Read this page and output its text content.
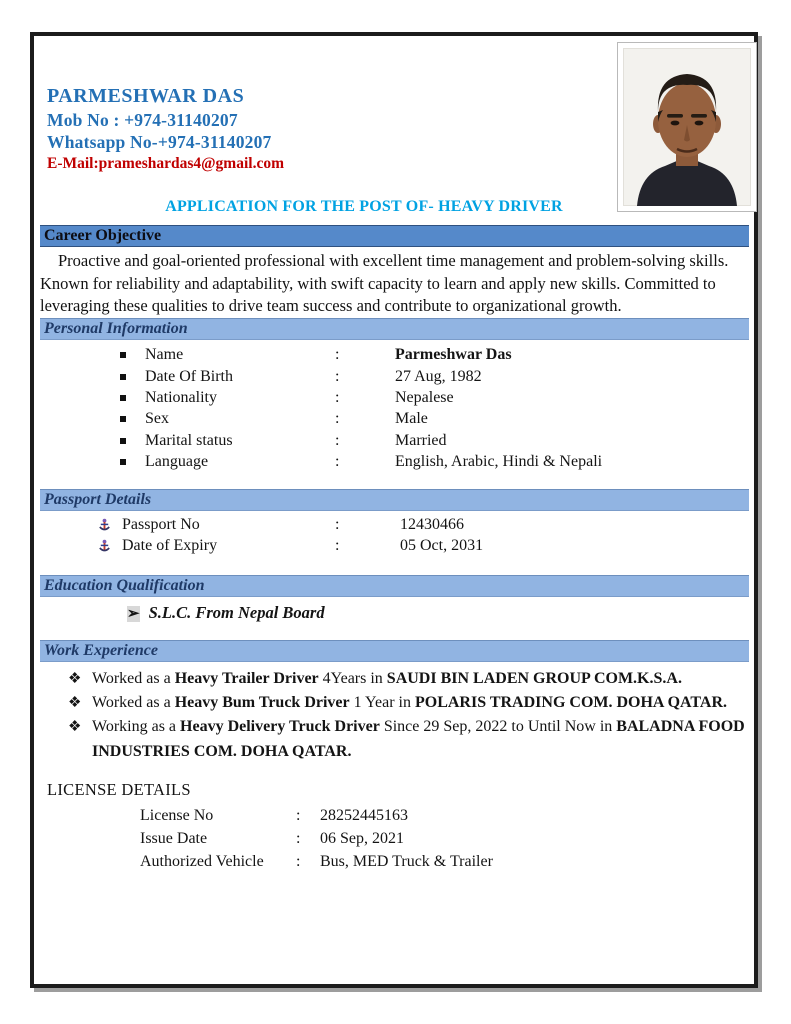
PARMESHWAR DAS
Mob No : +974-31140207
Whatsapp No-+974-31140207
E-Mail:prameshardas4@gmail.com
APPLICATION FOR THE POST OF- HEAVY DRIVER
Career Objective

Proactive and goal-oriented professional with excellent time management and problem-solving skills. Known for reliability and adaptability, with swift capacity to learn and apply new skills. Committed to leveraging these qualities to drive team success and contribute to organizational growth.

Personal Information
Name	:	Parmeshwar Das
Date Of Birth	:	27 Aug, 1982
Nationality	:	Nepalese
Sex	:	Male
Marital status	:	Married
Language	:	English, Arabic, Hindi & Nepali
Passport Details
Passport No	:	12430466
Date of Expiry	:	05 Oct, 2031
Education Qualification
➢ S.L.C. From Nepal Board
Work Experience
❖ Worked as a Heavy Trailer Driver 4Years in SAUDI BIN LADEN GROUP COM.K.S.A.
❖ Worked as a Heavy Bum Truck Driver 1 Year in POLARIS TRADING COM. DOHA QATAR.
❖ Working as a Heavy Delivery Truck Driver Since 29 Sep, 2022 to Until Now in BALADNA FOOD INDUSTRIES COM. DOHA QATAR.
LICENSE DETAILS
License No	:	28252445163
Issue Date	:	06 Sep, 2021
Authorized Vehicle	:	Bus, MED Truck & Trailer
